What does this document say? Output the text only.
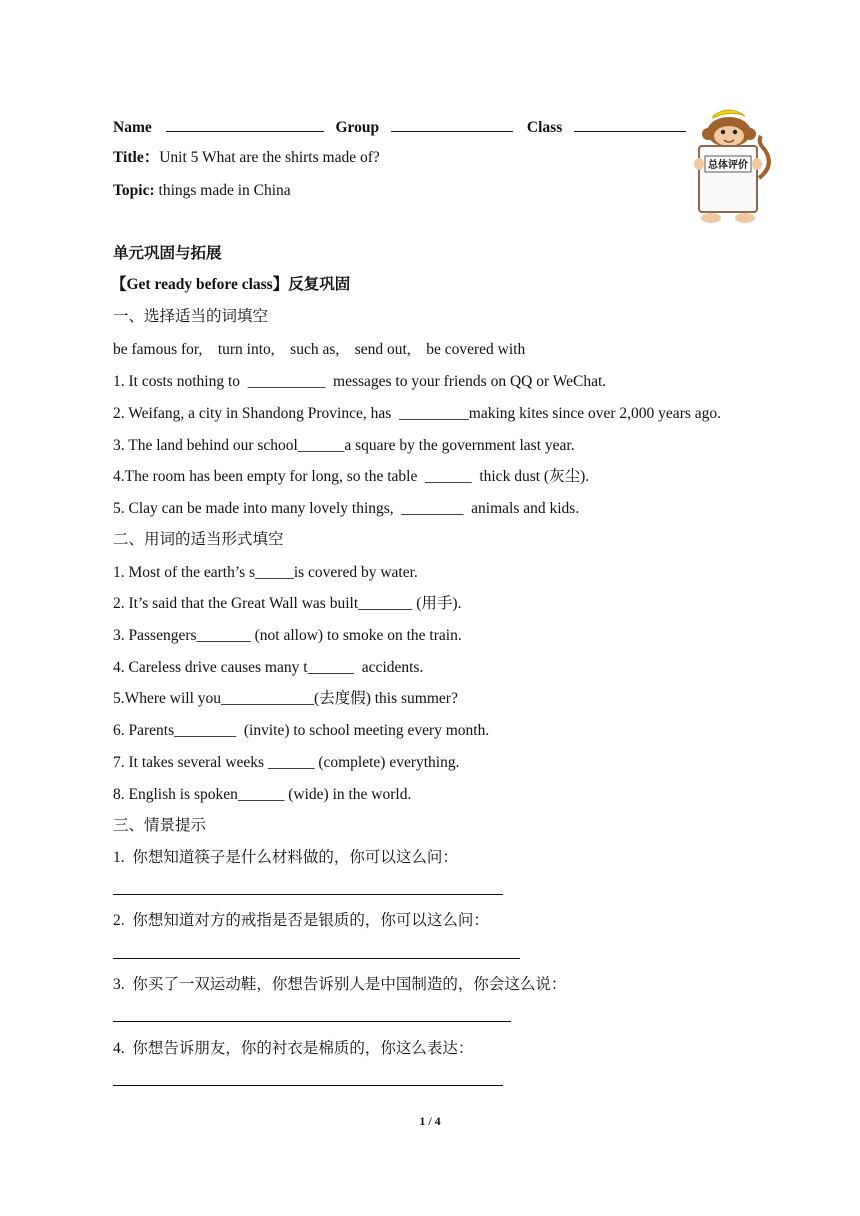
Name	Group	Class
Title：Unit 5 What are the shirts made of?
Topic: things made in China
总体评价
单元巩固与拓展
【Get ready before class】反复巩固
一、选择适当的词填空
be famous for,    turn into,    such as,    send out,    be covered with
1. It costs nothing to  __________  messages to your friends on QQ or WeChat.
2. Weifang, a city in Shandong Province, has  _________making kites since over 2,000 years ago.
3. The land behind our school______a square by the government last year.
4.The room has been empty for long, so the table  ______  thick dust (灰尘).
5. Clay can be made into many lovely things,  ________  animals and kids.
二、用词的适当形式填空
1. Most of the earth’s s_____is covered by water.
2. It’s said that the Great Wall was built_______ (用手).
3. Passengers_______ (not allow) to smoke on the train.
4. Careless drive causes many t______  accidents.
5.Where will you____________(去度假) this summer?
6. Parents________  (invite) to school meeting every month.
7. It takes several weeks ______ (complete) everything.
8. English is spoken______ (wide) in the world.
三、情景提示
1.  你想知道筷子是什么材料做的，你可以这么问：
2.  你想知道对方的戒指是否是银质的，你可以这么问：
3.  你买了一双运动鞋，你想告诉别人是中国制造的，你会这么说：
4.  你想告诉朋友，你的衬衣是棉质的，你这么表达：
1 / 4
